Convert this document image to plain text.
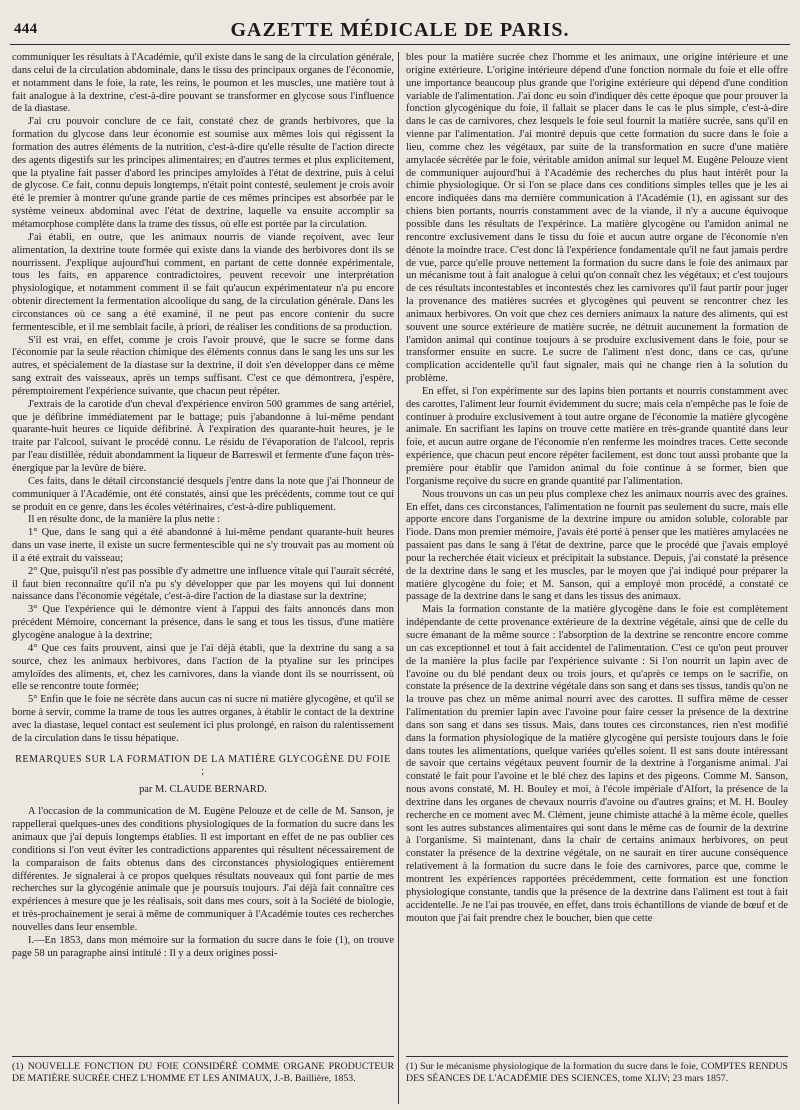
444	GAZETTE MÉDICALE DE PARIS.

communiquer les résultats à l'Académie, qu'il existe dans le sang de la circulation générale, dans celui de la circulation abdominale, dans le tissu des principaux organes de l'économie, et notamment dans le foie, la rate, les reins, le poumon et les muscles, une matière tout à fait analogue à la dextrine, c'est-à-dire pouvant se transformer en glycose sous l'influence de la diastase.

J'ai cru pouvoir conclure de ce fait, constaté chez de grands herbivores, que la formation du glycose dans leur économie est soumise aux mêmes lois qui régissent la formation des autres éléments de la nutrition, c'est-à-dire qu'elle résulte de l'action directe des agents digestifs sur les principes alimentaires; en d'autres termes et plus explicitement, que la ptyaline fait passer d'abord les principes amyloïdes à l'état de dextrine, puis à celui de glycose. Ce fait, connu depuis longtemps, n'était point contesté, seulement je crois avoir été le premier à montrer qu'une grande partie de ces mêmes principes est absorbée par le système veineux abdominal avec l'état de dextrine, laquelle va ensuite accomplir sa métamorphose complète dans la trame des tissus, où elle est portée par la circulation.

J'ai établi, en outre, que les animaux nourris de viande reçoivent, avec leur alimentation, la dextrine toute formée qui existe dans la viande des herbivores dont ils se nourrissent. J'explique aujourd'hui comment, en partant de cette donnée expérimentale, tous les faits, en apparence contradictoires, peuvent recevoir une interprétation physiologique, et notamment comment il se fait qu'aucun expérimentateur n'a pu encore obtenir directement la fermentation alcoolique du sang, de la circulation générale. Dans les circonstances où ce sang a été examiné, il ne peut pas encore contenir du sucre fermentescible, et il me semblait facile, à priori, de réaliser les conditions de sa production.

S'il est vrai, en effet, comme je crois l'avoir prouvé, que le sucre se forme dans l'économie par la seule réaction chimique des éléments connus dans le sang les uns sur les autres, et spécialement de la diastase sur la dextrine, il doit s'en développer dans ce même sang extrait des vaisseaux, après un temps suffisant. C'est ce que démontrera, j'espère, péremptoirement l'expérience suivante, que chacun peut répéter.

J'extrais de la carotide d'un cheval d'expérience environ 500 grammes de sang artériel, que je défibrine immédiatement par le battage; puis j'abandonne à lui-même pendant quarante-huit heures ce liquide défibriné. À l'expiration des quarante-huit heures, je le traite par l'alcool, suivant le procédé connu. Le résidu de l'évaporation de l'alcool, repris par l'eau distillée, réduit abondamment la liqueur de Barreswil et fermente d'une façon très-énergique par la levûre de bière.

Ces faits, dans le détail circonstancié desquels j'entre dans la note que j'ai l'honneur de communiquer à l'Académie, ont été constatés, ainsi que les précédents, comme tout ce qui se produit en ce genre, dans les écoles vétérinaires, c'est-à-dire publiquement.

Il en résulte donc, de la manière la plus nette :

1° Que, dans le sang qui a été abandonné à lui-même pendant quarante-huit heures dans un vase inerte, il existe un sucre fermentescible qui ne s'y trouvait pas au moment où il a été extrait du vaisseau;

2° Que, puisqu'il n'est pas possible d'y admettre une influence vitale qui l'aurait sécrété, il faut bien reconnaître qu'il n'a pu s'y développer que par les moyens qui lui donnent naissance dans l'économie végétale, c'est-à-dire l'action de la diastase sur la dextrine;

3° Que l'expérience qui le démontre vient à l'appui des faits annoncés dans mon précédent Mémoire, concernant la présence, dans le sang et tous les tissus, d'une matière glycogène analogue à la dextrine;

4° Que ces faits prouvent, ainsi que je l'ai déjà établi, que la dextrine du sang a sa source, chez les animaux herbivores, dans l'action de la ptyaline sur les principes amyloïdes des aliments, et, chez les carnivores, dans la viande dont ils se nourrissent, où elle se rencontre toute formée;

5° Enfin que le foie ne sécrète dans aucun cas ni sucre ni matière glycogène, et qu'il se borne à servir, comme la trame de tous les autres organes, à établir le contact de la dextrine avec la diastase, lequel contact est seulement ici plus prolongé, en raison du ralentissement de la circulation dans le tissu hépatique.

REMARQUES SUR LA FORMATION DE LA MATIÈRE GLYCOGÈNE DU FOIE ;

par M. CLAUDE BERNARD.

A l'occasion de la communication de M. Eugène Pelouze et de celle de M. Sanson, je rappellerai quelques-unes des conditions physiologiques de la formation du sucre dans les animaux que j'ai depuis longtemps établies. Il est important en effet de ne pas oublier ces conditions si l'on veut éviter les contradictions apparentes qui résultent nécessairement de la comparaison de faits obtenus dans des circonstances physiologiques entièrement différentes. Je signalerai à ce propos quelques résultats nouveaux qui font partie de mes recherches sur la glycogénie animale que je poursuis toujours. J'ai déjà fait connaître ces expériences à mesure que je les réalisais, soit dans mes cours, soit à la Société de biologie, et très-prochainement je serai à même de communiquer à l'Académie toutes ces recherches nouvelles dans leur ensemble.

I.—En 1853, dans mon mémoire sur la formation du sucre dans le foie (1), on trouve page 58 un paragraphe ainsi intitulé : Il y a deux origines possi-

bles pour la matière sucrée chez l'homme et les animaux, une origine intérieure et une origine extérieure. L'origine intérieure dépend d'une fonction normale du foie et elle offre une importance beaucoup plus grande que l'origine extérieure qui dépend d'une condition variable de l'alimentation. J'ai donc eu soin d'indiquer dès cette époque que pour prouver la fonction glycogénique du foie, il fallait se placer dans le cas le plus simple, c'est-à-dire dans le cas de carnivores, chez lesquels le foie seul fournit la matière sucrée, sans qu'il en vienne par l'alimentation. J'ai montré depuis que cette formation du sucre dans le foie a lieu, comme chez les végétaux, par suite de la transformation en sucre d'une matière amylacée sécrétée par le foie, véritable amidon animal sur lequel M. Eugène Pelouze vient de communiquer aujourd'hui à l'Académie des recherches du plus haut intérêt pour la chimie physiologique. Or si l'on se place dans ces conditions simples telles que je les ai encore indiquées dans ma dernière communication à l'Académie (1), en agissant sur des chiens bien portants, nourris constamment avec de la viande, il n'y a aucune équivoque possible dans les résultats de l'expérince. La matière glycogène ou l'amidon animal ne rencontre exclusivement dans le tissu du foie et aucun autre organe de l'économie n'en dénote la moindre trace. C'est donc là l'expérience fondamentale qu'il ne faut jamais perdre de vue, parce qu'elle prouve nettement la formation du sucre dans le foie des animaux par un mécanisme tout à fait analogue à celui qu'on connaît chez les végétaux; et c'est toujours de ces résultats incontestables et incontestés chez les carnivores qu'il faut partir pour juger la provenance des matières sucrées et glycogènes qui peuvent se rencontrer chez les animaux herbivores. On voit que chez ces derniers animaux la nature des aliments, qui est souvent une source extérieure de matière sucrée, ne détruit aucunement la formation de l'amidon animal qui continue toujours à se produire exclusivement dans le foie, pour se transformer ensuite en sucre. Le sucre de l'aliment n'est donc, dans ce cas, qu'une complication accidentelle qu'il faut signaler, mais qui ne change rien à la solution du problème.

En effet, si l'on expérimente sur des lapins bien portants et nourris constamment avec des carottes, l'aliment leur fournit évidemment du sucre; mais cela n'empêche pas le foie de continuer à produire exclusivement à tout autre organe de l'économie la matière glycogène animale. En sacrifiant les lapins on trouve cette matière en très-grande quantité dans leur foie, et aucun autre organe de l'économie n'en renferme les moindres traces. Cette seconde expérience, que chacun peut encore répéter facilement, est donc tout aussi probante que la première pour établir que l'amidon animal du foie continue à se former, bien que l'organisme reçoive du sucre en grande quantité par l'alimentation.

Nous trouvons un cas un peu plus complexe chez les animaux nourris avec des graines. En effet, dans ces circonstances, l'alimentation ne fournit pas seulement du sucre, mais elle apporte encore dans l'organisme de la dextrine impure ou amidon soluble, colorable par l'iode. Dans mon premier mémoire, j'avais été porté à penser que les matières amylacées ne passaient pas dans le sang à l'état de dextrine, parce que le procédé que j'avais employé pour la recherchée était vicieux et précipitait la substance. Depuis, j'ai constaté la présence de la dextrine dans le sang et les muscles, par le moyen que j'ai indiqué pour préparer la matière glycogène du foie; et M. Sanson, qui a employé mon procédé, a constaté ce passage de la dextrine dans le sang et dans les tissus des animaux.

Mais la formation constante de la matière glycogène dans le foie est complètement indépendante de cette provenance extérieure de la dextrine végétale, ainsi que de celle du sucre émanant de la même source : l'absorption de la dextrine se rencontre encore comme un cas exceptionnel et tout à fait accidentel de l'alimentation. C'est ce qu'on peut prouver de la manière la plus facile par l'expérience suivante : Si l'on nourrit un lapin avec de l'avoine ou du blé pendant deux ou trois jours, et qu'après ce temps on le sacrifie, on constate la présence de la dextrine végétale dans son sang et dans ses tissus, tandis qu'on ne la trouve pas chez un même animal nourri avec des carottes. Il suffira même de cesser l'alimentation du premier lapin avec l'avoine pour faire cesser la présence de la dextrine dans son sang et dans ses tissus. Mais, dans toutes ces circonstances, rien n'est modifié dans la formation physiologique de la matière glycogène qui persiste toujours dans le foie dans toutes les alimentations, quelque variées qu'elles soient. Il est sans doute intéressant de savoir que certains végétaux peuvent fournir de la dextrine à l'organisme animal. J'ai constaté le fait pour l'avoine et le blé chez des lapins et des pigeons. Comme M. Sanson, nous avons constaté, M. H. Bouley et moi, à l'école impériale d'Alfort, la présence de la dextrine dans les organes de chevaux nourris d'avoine ou d'autres grains; et M. H. Bouley recherche en ce moment avec M. Clément, jeune chimiste attaché à la même école, quelles sont les autres substances alimentaires qui sont dans le même cas de fournir de la dextrine à l'organisme. Si maintenant, dans la chair de certains animaux herbivores, on peut constater la présence de la dextrine végétale, on ne saurait en tirer aucune conséquence relativement à la formation du sucre dans le foie des carnivores, parce que, comme le montrent les expériences rapportées précédemment, cette formation est une fonction physiologique constante, tandis que la présence de la dextrine dans l'aliment est tout à fait accidentelle. Je ne l'ai pas trouvée, en effet, dans trois échantillons de viande de bœuf et de mouton que j'ai fait prendre chez le boucher, bien que cette

(1) NOUVELLE FONCTION DU FOIE CONSIDÉRÉ COMME ORGANE PRODUCTEUR DE MATIÈRE SUCRÉE CHEZ L'HOMME ET LES ANIMAUX, J.-B. Baillière, 1853.
(1) Sur le mécanisme physiologique de la formation du sucre dans le foie, COMPTES RENDUS DES SÉANCES DE L'ACADÉMIE DES SCIENCES, tome XLIV; 23 mars 1857.
